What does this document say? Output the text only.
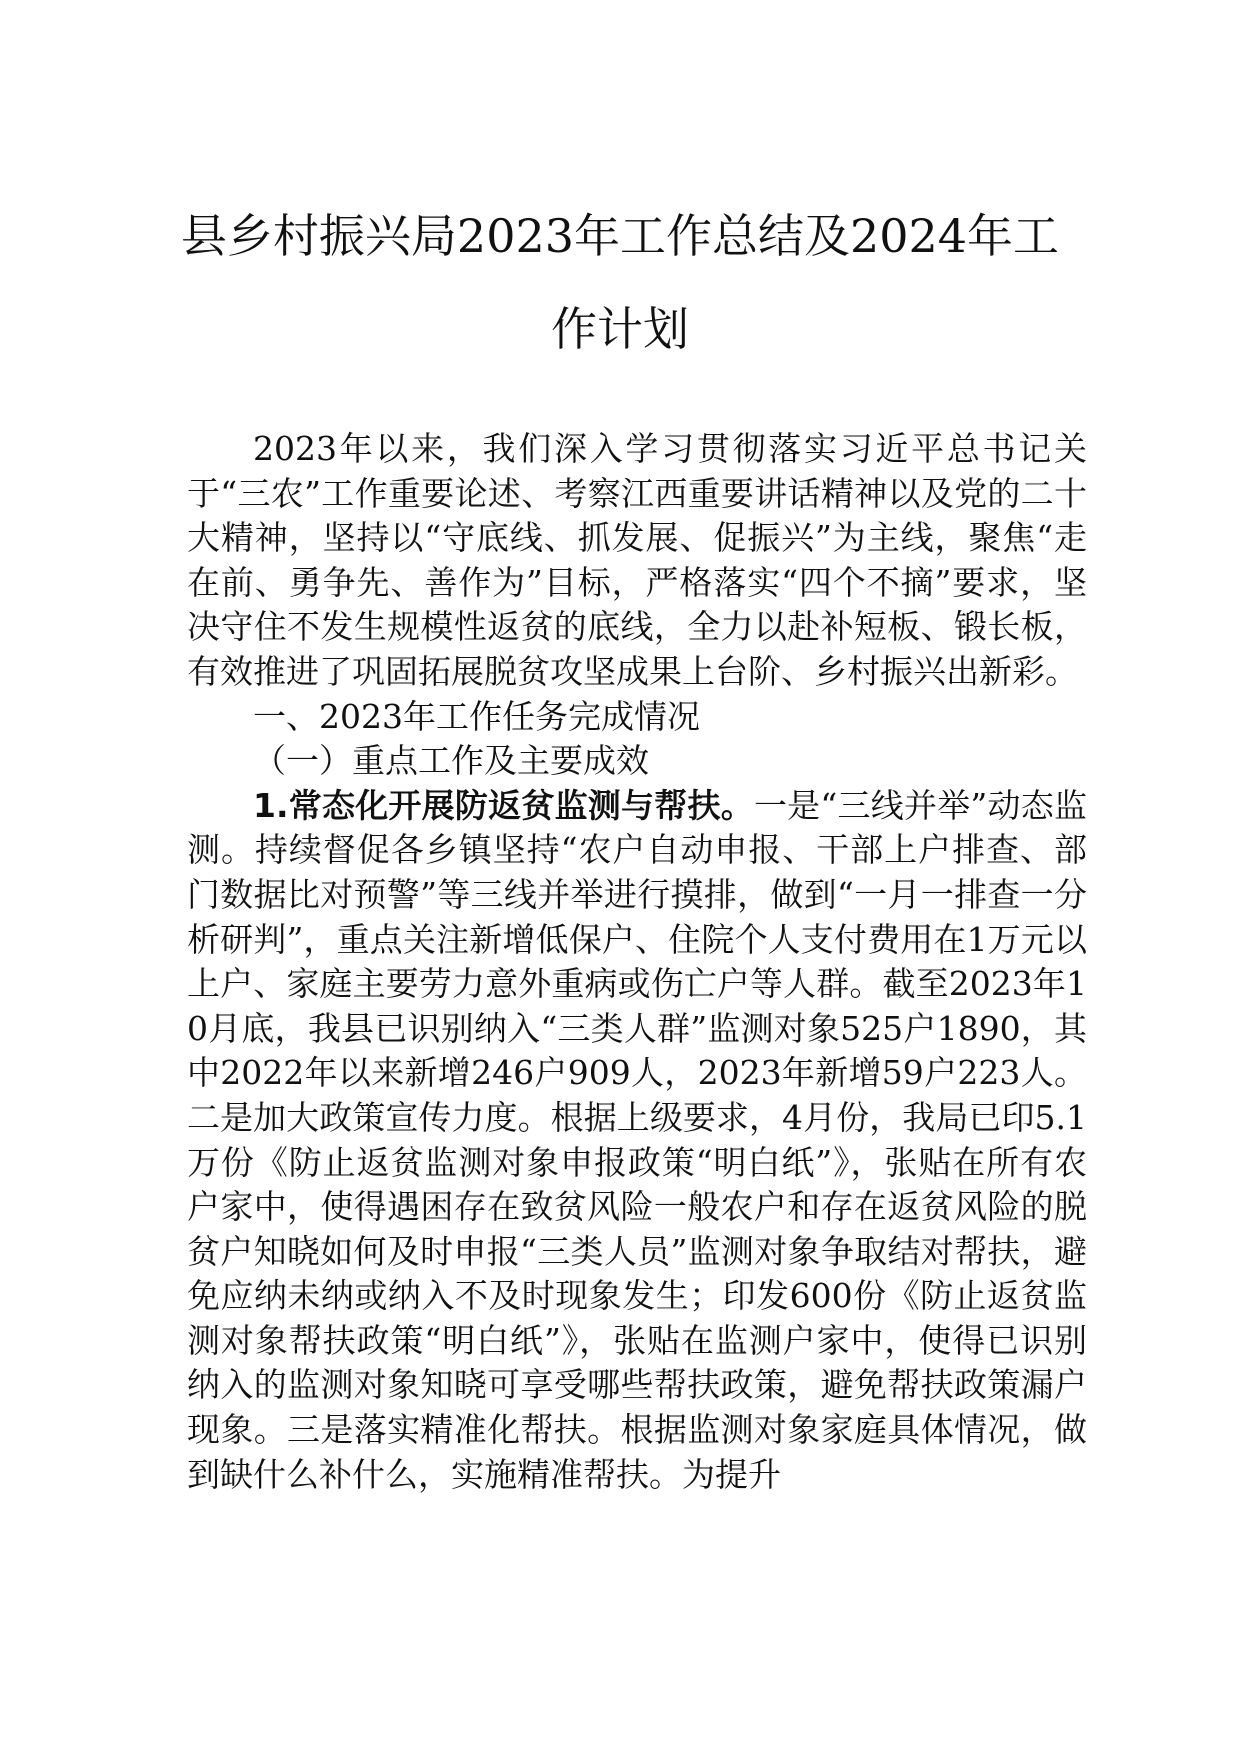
县乡村振兴局2023年工作总结及2024年工
作计划

2023年以来，我们深入学习贯彻落实习近平总书记关于“三农”工作重要论述、考察江西重要讲话精神以及党的二十大精神，坚持以“守底线、抓发展、促振兴”为主线，聚焦“走在前、勇争先、善作为”目标，严格落实“四个不摘”要求，坚决守住不发生规模性返贫的底线，全力以赴补短板、锻长板，有效推进了巩固拓展脱贫攻坚成果上台阶、乡村振兴出新彩。

一、2023年工作任务完成情况

（一）重点工作及主要成效

1.常态化开展防返贫监测与帮扶。一是“三线并举”动态监测。持续督促各乡镇坚持“农户自动申报、干部上户排查、部门数据比对预警”等三线并举进行摸排，做到“一月一排查一分析研判”，重点关注新增低保户、住院个人支付费用在1万元以上户、家庭主要劳力意外重病或伤亡户等人群。截至2023年10月底，我县已识别纳入“三类人群”监测对象525户1890，其中2022年以来新增246户909人，2023年新增59户223人。二是加大政策宣传力度。根据上级要求，4月份，我局已印5.1万份《防止返贫监测对象申报政策“明白纸”》，张贴在所有农户家中，使得遇困存在致贫风险一般农户和存在返贫风险的脱贫户知晓如何及时申报“三类人员”监测对象争取结对帮扶，避免应纳未纳或纳入不及时现象发生；印发600份《防止返贫监测对象帮扶政策“明白纸”》，张贴在监测户家中，使得已识别纳入的监测对象知晓可享受哪些帮扶政策，避免帮扶政策漏户现象。三是落实精准化帮扶。根据监测对象家庭具体情况，做到缺什么补什么，实施精准帮扶。为提升
